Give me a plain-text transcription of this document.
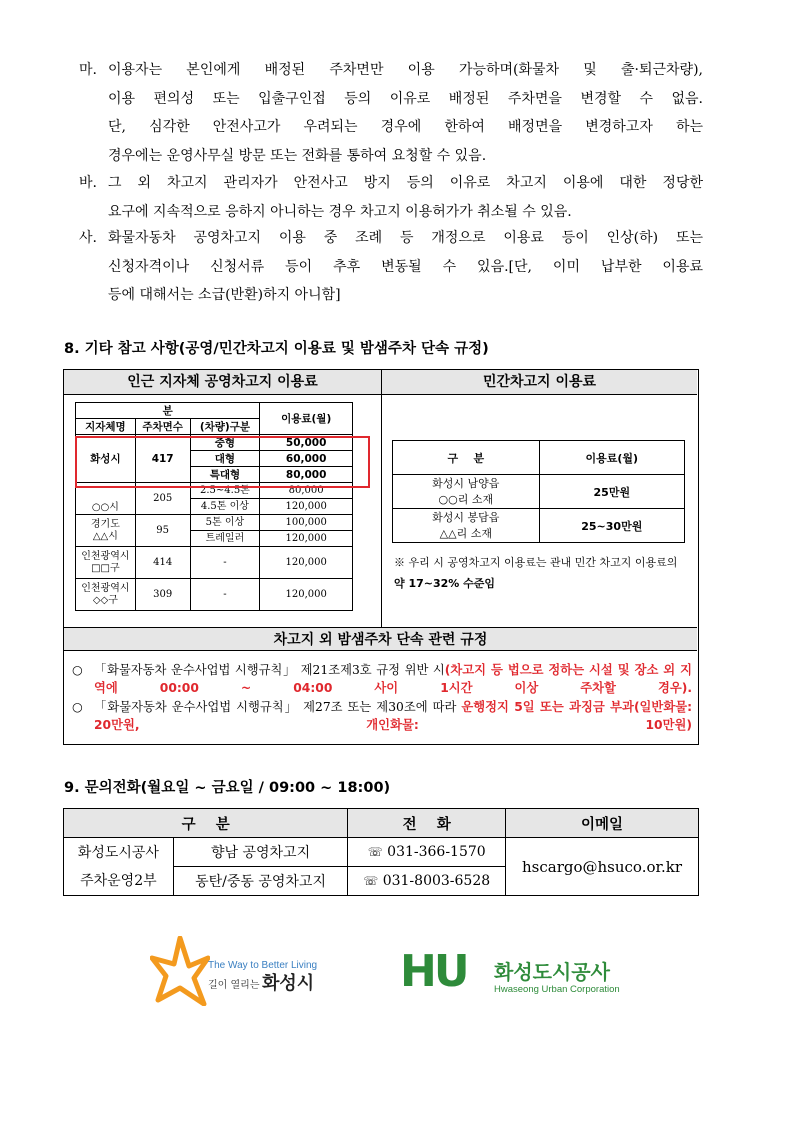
마. 이용자는 본인에게 배정된 주차면만 이용 가능하며(화물차 및 출·퇴근차량),
이용 편의성 또는 입출구인접 등의 이유로 배정된 주차면을 변경할 수 없음.
단, 심각한 안전사고가 우려되는 경우에 한하여 배정면을 변경하고자 하는
경우에는 운영사무실 방문 또는 전화를 통하여 요청할 수 있음.
바. 그 외 차고지 관리자가 안전사고 방지 등의 이유로 차고지 이용에 대한 정당한
요구에 지속적으로 응하지 아니하는 경우 차고지 이용허가가 취소될 수 있음.
사. 화물자동차 공영차고지 이용 중 조례 등 개정으로 이용료 등이 인상(하) 또는
신청자격이나 신청서류 등이 추후 변동될 수 있음.[단, 이미 납부한 이용료
등에 대해서는 소급(반환)하지 아니함]
8. 기타 참고 사항(공영/민간차고지 이용료 및 밤샘주차 단속 규정)
인근 지자체 공영차고지 이용료	민간차고지 이용료
분			이용료(월)
지자체명	주차면수	(차량)구분	
화성시	417	중형	50,000
		대형	60,000
		특대형	80,000
○○시	205	2.5~4.5톤	80,000
		4.5톤 이상	120,000
경기도 △△시	95	5톤 이상	100,000
		트레일러	120,000
인천광역시 □□구	414	-	120,000
인천광역시 ◇◇구	309	-	120,000
구    분	이용료(월)
화성시 남양읍 ○○리 소재	25만원
화성시 봉담읍 △△리 소재	25~30만원
※ 우리 시 공영차고지 이용료는 관내 민간 차고지 이용료의 약 17~32% 수준임
차고지 외 밤샘주차 단속 관련 규정
○ 「화물자동차 운수사업법 시행규칙」 제21조제3호 규정 위반 시(차고지 등 법으로 정하는 시설 및 장소 외 지역에 00:00 ~ 04:00 사이 1시간 이상 주차할 경우).
○ 「화물자동차 운수사업법 시행규칙」 제27조 또는 제30조에 따라 운행정지 5일 또는 과징금 부과(일반화물: 20만원, 개인화물: 10만원)
9. 문의전화(월요일 ~ 금요일 / 09:00 ~ 18:00)
구    분		전    화	이메일

화성도시공사
주차운영2부	향남 공영차고지	☏ 031-366-1570	hscargo@hsuco.or.kr
	동탄/중동 공영차고지	☏ 031-8003-6528	
The Way to Better Living
길이 열리는 화성시 HU 화성도시공사
Hwaseong Urban Corporation
